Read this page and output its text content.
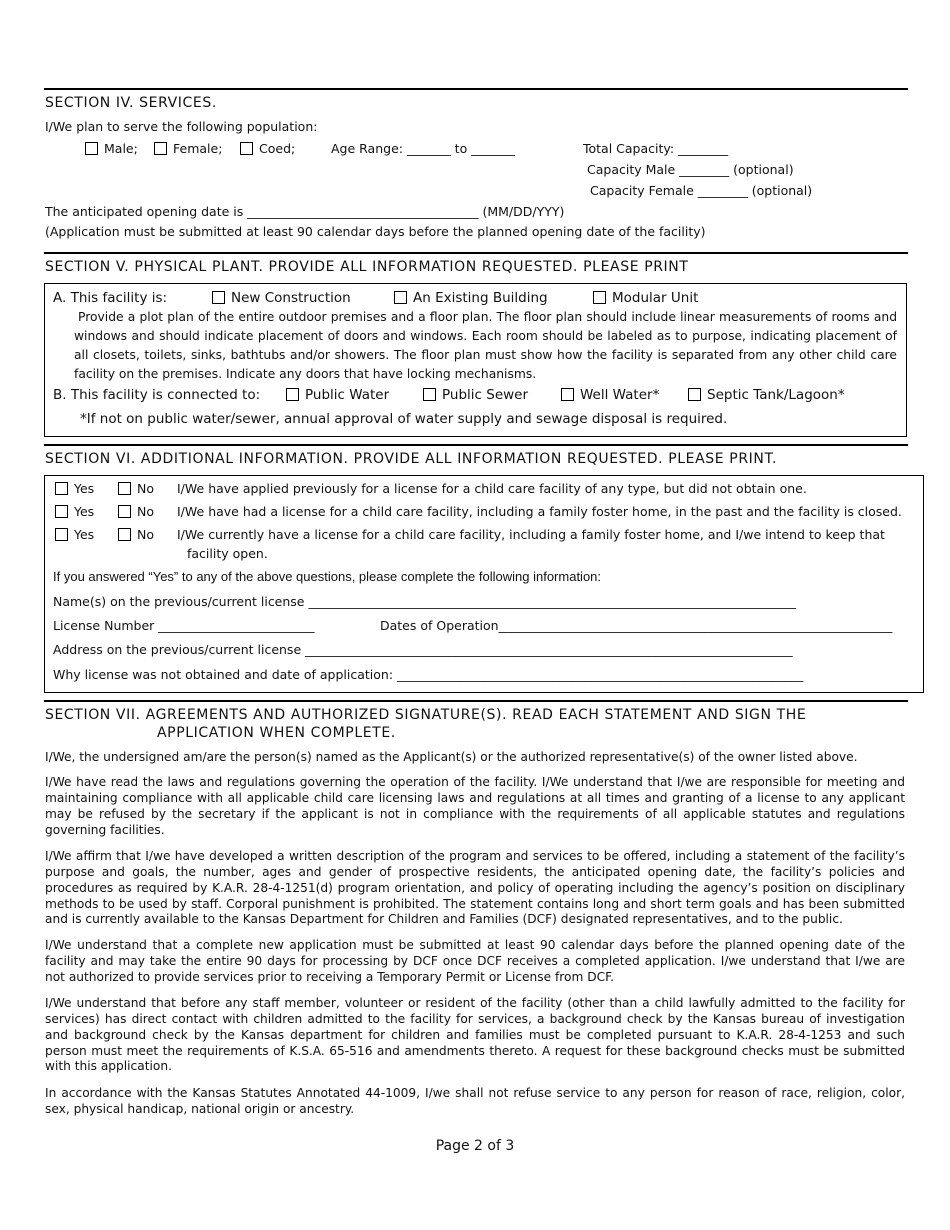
SECTION IV. SERVICES.
I/We plan to serve the following population:
Male;	Female;	Coed;	Age Range: _______ to _______	Total Capacity: ________
Capacity Male ________ (optional)
Capacity Female ________ (optional)
The anticipated opening date is _____________________________________ (MM/DD/YYY)
(Application must be submitted at least 90 calendar days before the planned opening date of the facility)
SECTION V. PHYSICAL PLANT. PROVIDE ALL INFORMATION REQUESTED. PLEASE PRINT
A. This facility is:	New Construction	An Existing Building	Modular Unit
Provide a plot plan of the entire outdoor premises and a floor plan. The floor plan should include linear measurements of rooms and windows and should indicate placement of doors and windows. Each room should be labeled as to purpose, indicating placement of all closets, toilets, sinks, bathtubs and/or showers. The floor plan must show how the facility is separated from any other child care facility on the premises. Indicate any doors that have locking mechanisms.
B. This facility is connected to:	Public Water	Public Sewer	Well Water*	Septic Tank/Lagoon*
*If not on public water/sewer, annual approval of water supply and sewage disposal is required.
SECTION VI. ADDITIONAL INFORMATION. PROVIDE ALL INFORMATION REQUESTED. PLEASE PRINT.
Yes	No I/We have applied previously for a license for a child care facility of any type, but did not obtain one.
Yes	No I/We have had a license for a child care facility, including a family foster home, in the past and the facility is closed.
Yes	No I/We currently have a license for a child care facility, including a family foster home, and I/we intend to keep that
facility open.
If you answered “Yes” to any of the above questions, please complete the following information:
Name(s) on the previous/current license ______________________________________________________________________________
License Number _________________________	Dates of Operation_______________________________________________________________
Address on the previous/current license ______________________________________________________________________________
Why license was not obtained and date of application: _________________________________________________________________
SECTION VII. AGREEMENTS AND AUTHORIZED SIGNATURE(S). READ EACH STATEMENT AND SIGN THE
APPLICATION WHEN COMPLETE.
I/We, the undersigned am/are the person(s) named as the Applicant(s) or the authorized representative(s) of the owner listed above.
I/We have read the laws and regulations governing the operation of the facility. I/We understand that I/we are responsible for meeting and maintaining compliance with all applicable child care licensing laws and regulations at all times and granting of a license to any applicant may be refused by the secretary if the applicant is not in compliance with the requirements of all applicable statutes and regulations governing facilities.
I/We affirm that I/we have developed a written description of the program and services to be offered, including a statement of the facility’s purpose and goals, the number, ages and gender of prospective residents, the anticipated opening date, the facility’s policies and procedures as required by K.A.R. 28-4-1251(d) program orientation, and policy of operating including the agency’s position on disciplinary methods to be used by staff. Corporal punishment is prohibited. The statement contains long and short term goals and has been submitted and is currently available to the Kansas Department for Children and Families (DCF) designated representatives, and to the public.
I/We understand that a complete new application must be submitted at least 90 calendar days before the planned opening date of the facility and may take the entire 90 days for processing by DCF once DCF receives a completed application. I/we understand that I/we are not authorized to provide services prior to receiving a Temporary Permit or License from DCF.
I/We understand that before any staff member, volunteer or resident of the facility (other than a child lawfully admitted to the facility for services) has direct contact with children admitted to the facility for services, a background check by the Kansas bureau of investigation and background check by the Kansas department for children and families must be completed pursuant to K.A.R. 28-4-1253 and such person must meet the requirements of K.S.A. 65-516 and amendments thereto. A request for these background checks must be submitted with this application.
In accordance with the Kansas Statutes Annotated 44-1009, I/we shall not refuse service to any person for reason of race, religion, color, sex, physical handicap, national origin or ancestry.
Page 2 of 3
